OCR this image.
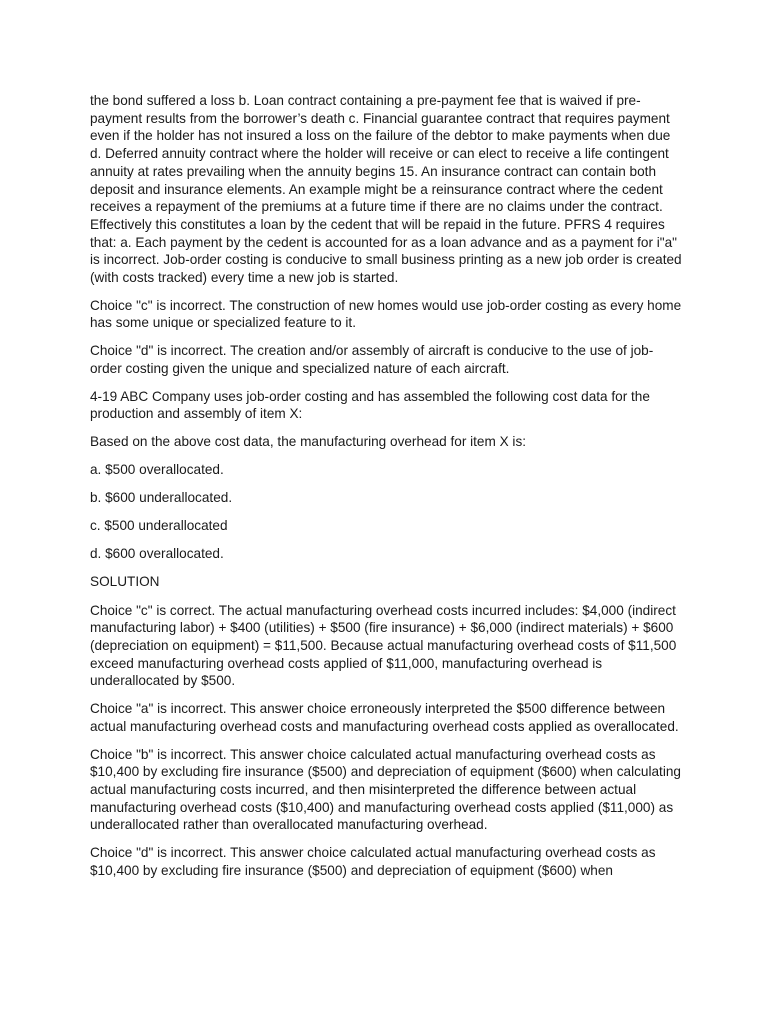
the bond suffered a loss b. Loan contract containing a pre-payment fee that is waived if pre-payment results from the borrower’s death c. Financial guarantee contract that requires payment even if the holder has not insured a loss on the failure of the debtor to make payments when due d. Deferred annuity contract where the holder will receive or can elect to receive a life contingent annuity at rates prevailing when the annuity begins 15. An insurance contract can contain both deposit and insurance elements. An example might be a reinsurance contract where the cedent receives a repayment of the premiums at a future time if there are no claims under the contract. Effectively this constitutes a loan by the cedent that will be repaid in the future. PFRS 4 requires that: a. Each payment by the cedent is accounted for as a loan advance and as a payment for i"a" is incorrect. Job-order costing is conducive to small business printing as a new job order is created (with costs tracked) every time a new job is started.

Choice "c" is incorrect. The construction of new homes would use job-order costing as every home has some unique or specialized feature to it.

Choice "d" is incorrect. The creation and/or assembly of aircraft is conducive to the use of job-order costing given the unique and specialized nature of each aircraft.

4-19 ABC Company uses job-order costing and has assembled the following cost data for the production and assembly of item X:

Based on the above cost data, the manufacturing overhead for item X is:

a. $500 overallocated.

b. $600 underallocated.

c. $500 underallocated

d. $600 overallocated.

SOLUTION

Choice "c" is correct. The actual manufacturing overhead costs incurred includes: $4,000 (indirect manufacturing labor) + $400 (utilities) + $500 (fire insurance) + $6,000 (indirect materials) + $600 (depreciation on equipment) = $11,500. Because actual manufacturing overhead costs of $11,500 exceed manufacturing overhead costs applied of $11,000, manufacturing overhead is underallocated by $500.

Choice "a" is incorrect. This answer choice erroneously interpreted the $500 difference between actual manufacturing overhead costs and manufacturing overhead costs applied as overallocated.

Choice "b" is incorrect. This answer choice calculated actual manufacturing overhead costs as $10,400 by excluding fire insurance ($500) and depreciation of equipment ($600) when calculating actual manufacturing costs incurred, and then misinterpreted the difference between actual manufacturing overhead costs ($10,400) and manufacturing overhead costs applied ($11,000) as underallocated rather than overallocated manufacturing overhead.

Choice "d" is incorrect. This answer choice calculated actual manufacturing overhead costs as $10,400 by excluding fire insurance ($500) and depreciation of equipment ($600) when
